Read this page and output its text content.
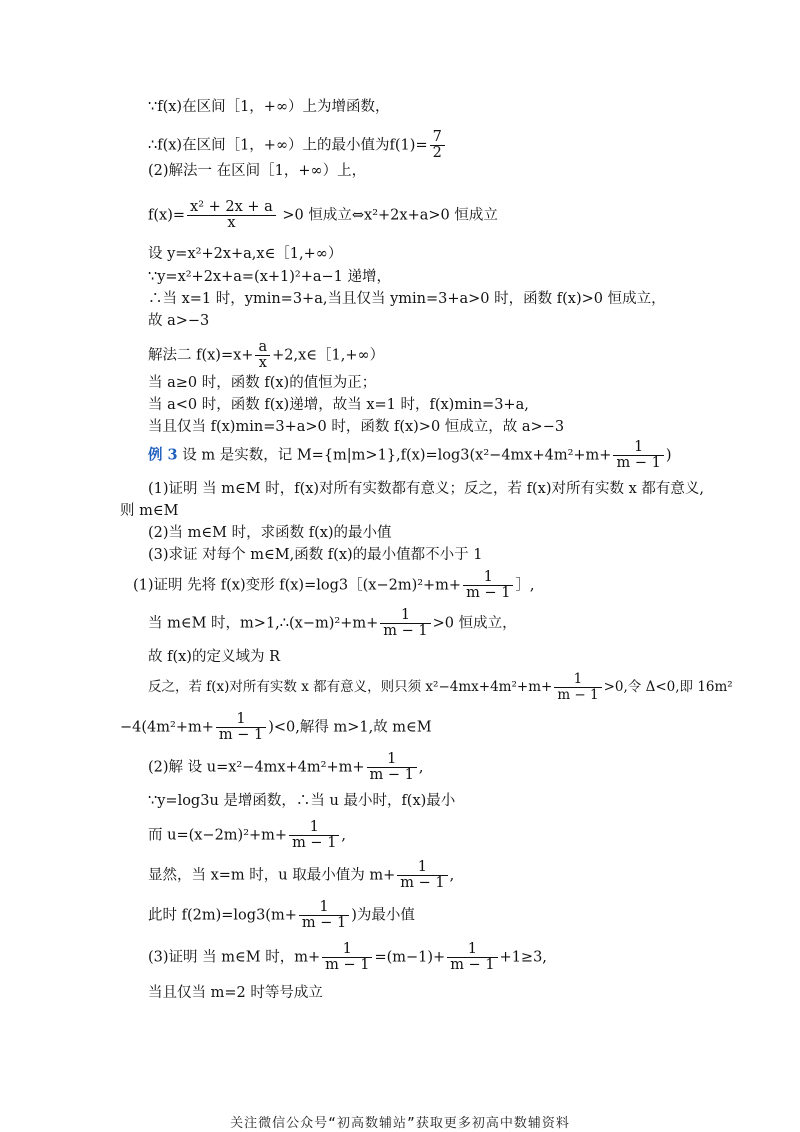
∵f(x)在区间［1，+∞）上为增函数，
∴f(x)在区间［1，+∞）上的最小值为$f(1)= \frac{7}{2}$
(2)解法一 在区间［1，+∞）上，
$f(x)= \frac{\text{x² + 2x + a}}{x} >0$ 恒成立⇔x²+2x+a>0 恒成立
设 y=x²+2x+a,x∈［1,+∞）
∵y=x²+2x+a=(x+1)²+a−1 递增，
∴当 x=1 时，ymin=3+a,当且仅当 ymin=3+a>0 时，函数 f(x)>0 恒成立，
故 a>−3
解法二 $f(x)=x+ \frac{a}{x}$ +2,x∈［1,+∞）
当 a≥0 时，函数 f(x)的值恒为正；
当 a<0 时，函数 f(x)递增，故当 x=1 时，f(x)min=3+a,
当且仅当 f(x)min=3+a>0 时，函数 f(x)>0 恒成立，故 a>−3
例 3 设 m 是实数，记 $M=\{m|m>1\},f(x)=\log 3(x^2-4mx+4m^2+m+ \frac{1}{m - 1}$ )
(1)证明 当 m∈M 时，f(x)对所有实数都有意义；反之，若 f(x)对所有实数 x 都有意义,
则 m∈M
(2)当 m∈M 时，求函数 f(x)的最小值
(3)求证 对每个 m∈M,函数 f(x)的最小值都不小于 1
(1)证明 先将 f(x)变形 f(x)=log3［(x−2m)²+m+ $\frac{1}{m - 1}$ ］,
当 m∈M 时，m>1,∴(x−m)²+m+ $\frac{1}{m - 1} >0$ 恒成立，
故 f(x)的定义域为 R
反之，若 f(x)对所有实数 x 都有意义，则只须 $x^2-4mx+4m^2+m+ \frac{1}{m - 1} >0$,令 Δ<0,即 16m²
$-4(4m^2+m+ \frac{1}{m - 1} )<0$,解得 m>1,故 m∈M
(2)解 设 $u=x^2-4mx+4m^2+m+ \frac{1}{m - 1}$ ,
∵y=log3u 是增函数，∴当 u 最小时，f(x)最小
而 $u=(x-2m)^2+m+ \frac{1}{m - 1}$ ,
显然，当 x=m 时，u 取最小值为 $m+ \frac{1}{m - 1}$ ,
此时 $f(2m)=\log 3(m+ \frac{1}{m - 1}$ )为最小值
(3)证明 当 m∈M 时，$m+ \frac{1}{m - 1} =(m-1)+ \frac{1}{m - 1} +1\ge 3$,
当且仅当 m=2 时等号成立
关注微信公众号“初高数辅站”获取更多初高中数辅资料
